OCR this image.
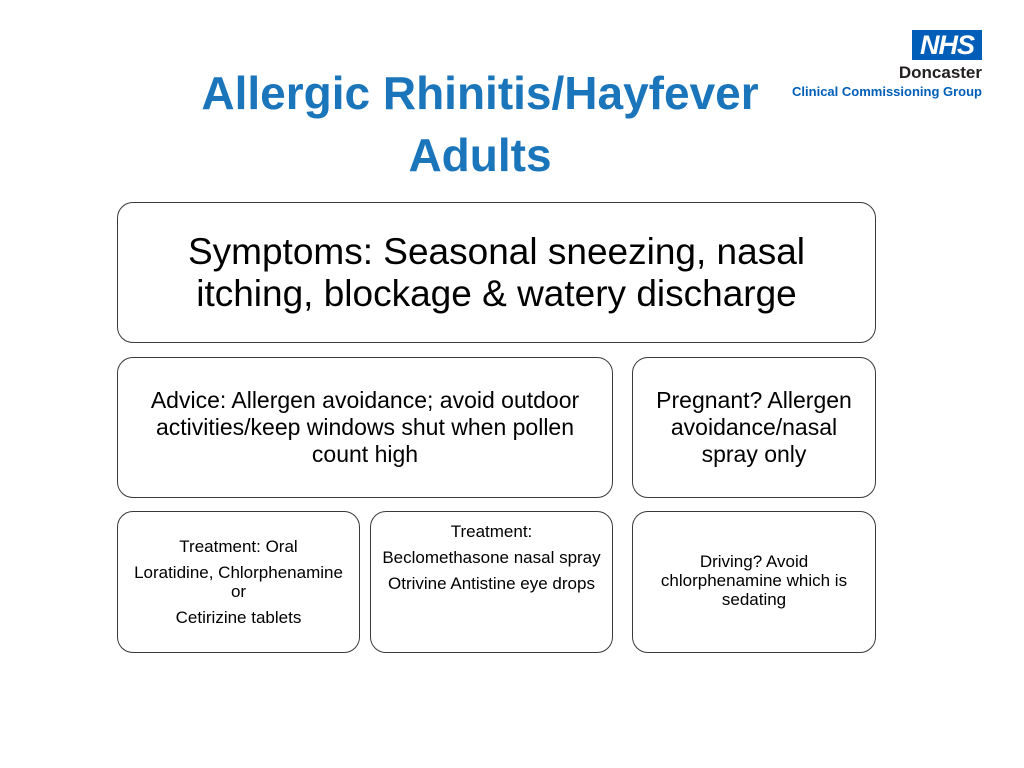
Allergic Rhinitis/Hayfever
Adults
NHS
Doncaster
Clinical Commissioning Group

Symptoms: Seasonal sneezing, nasal itching, blockage & watery discharge

Advice: Allergen avoidance; avoid outdoor activities/keep windows shut when pollen count high

Pregnant? Allergen avoidance/nasal spray only

Treatment: Oral

Loratidine, Chlorphenamine or

Cetirizine tablets

Treatment:

Beclomethasone nasal spray

Otrivine Antistine eye drops

Driving? Avoid chlorphenamine which is sedating
